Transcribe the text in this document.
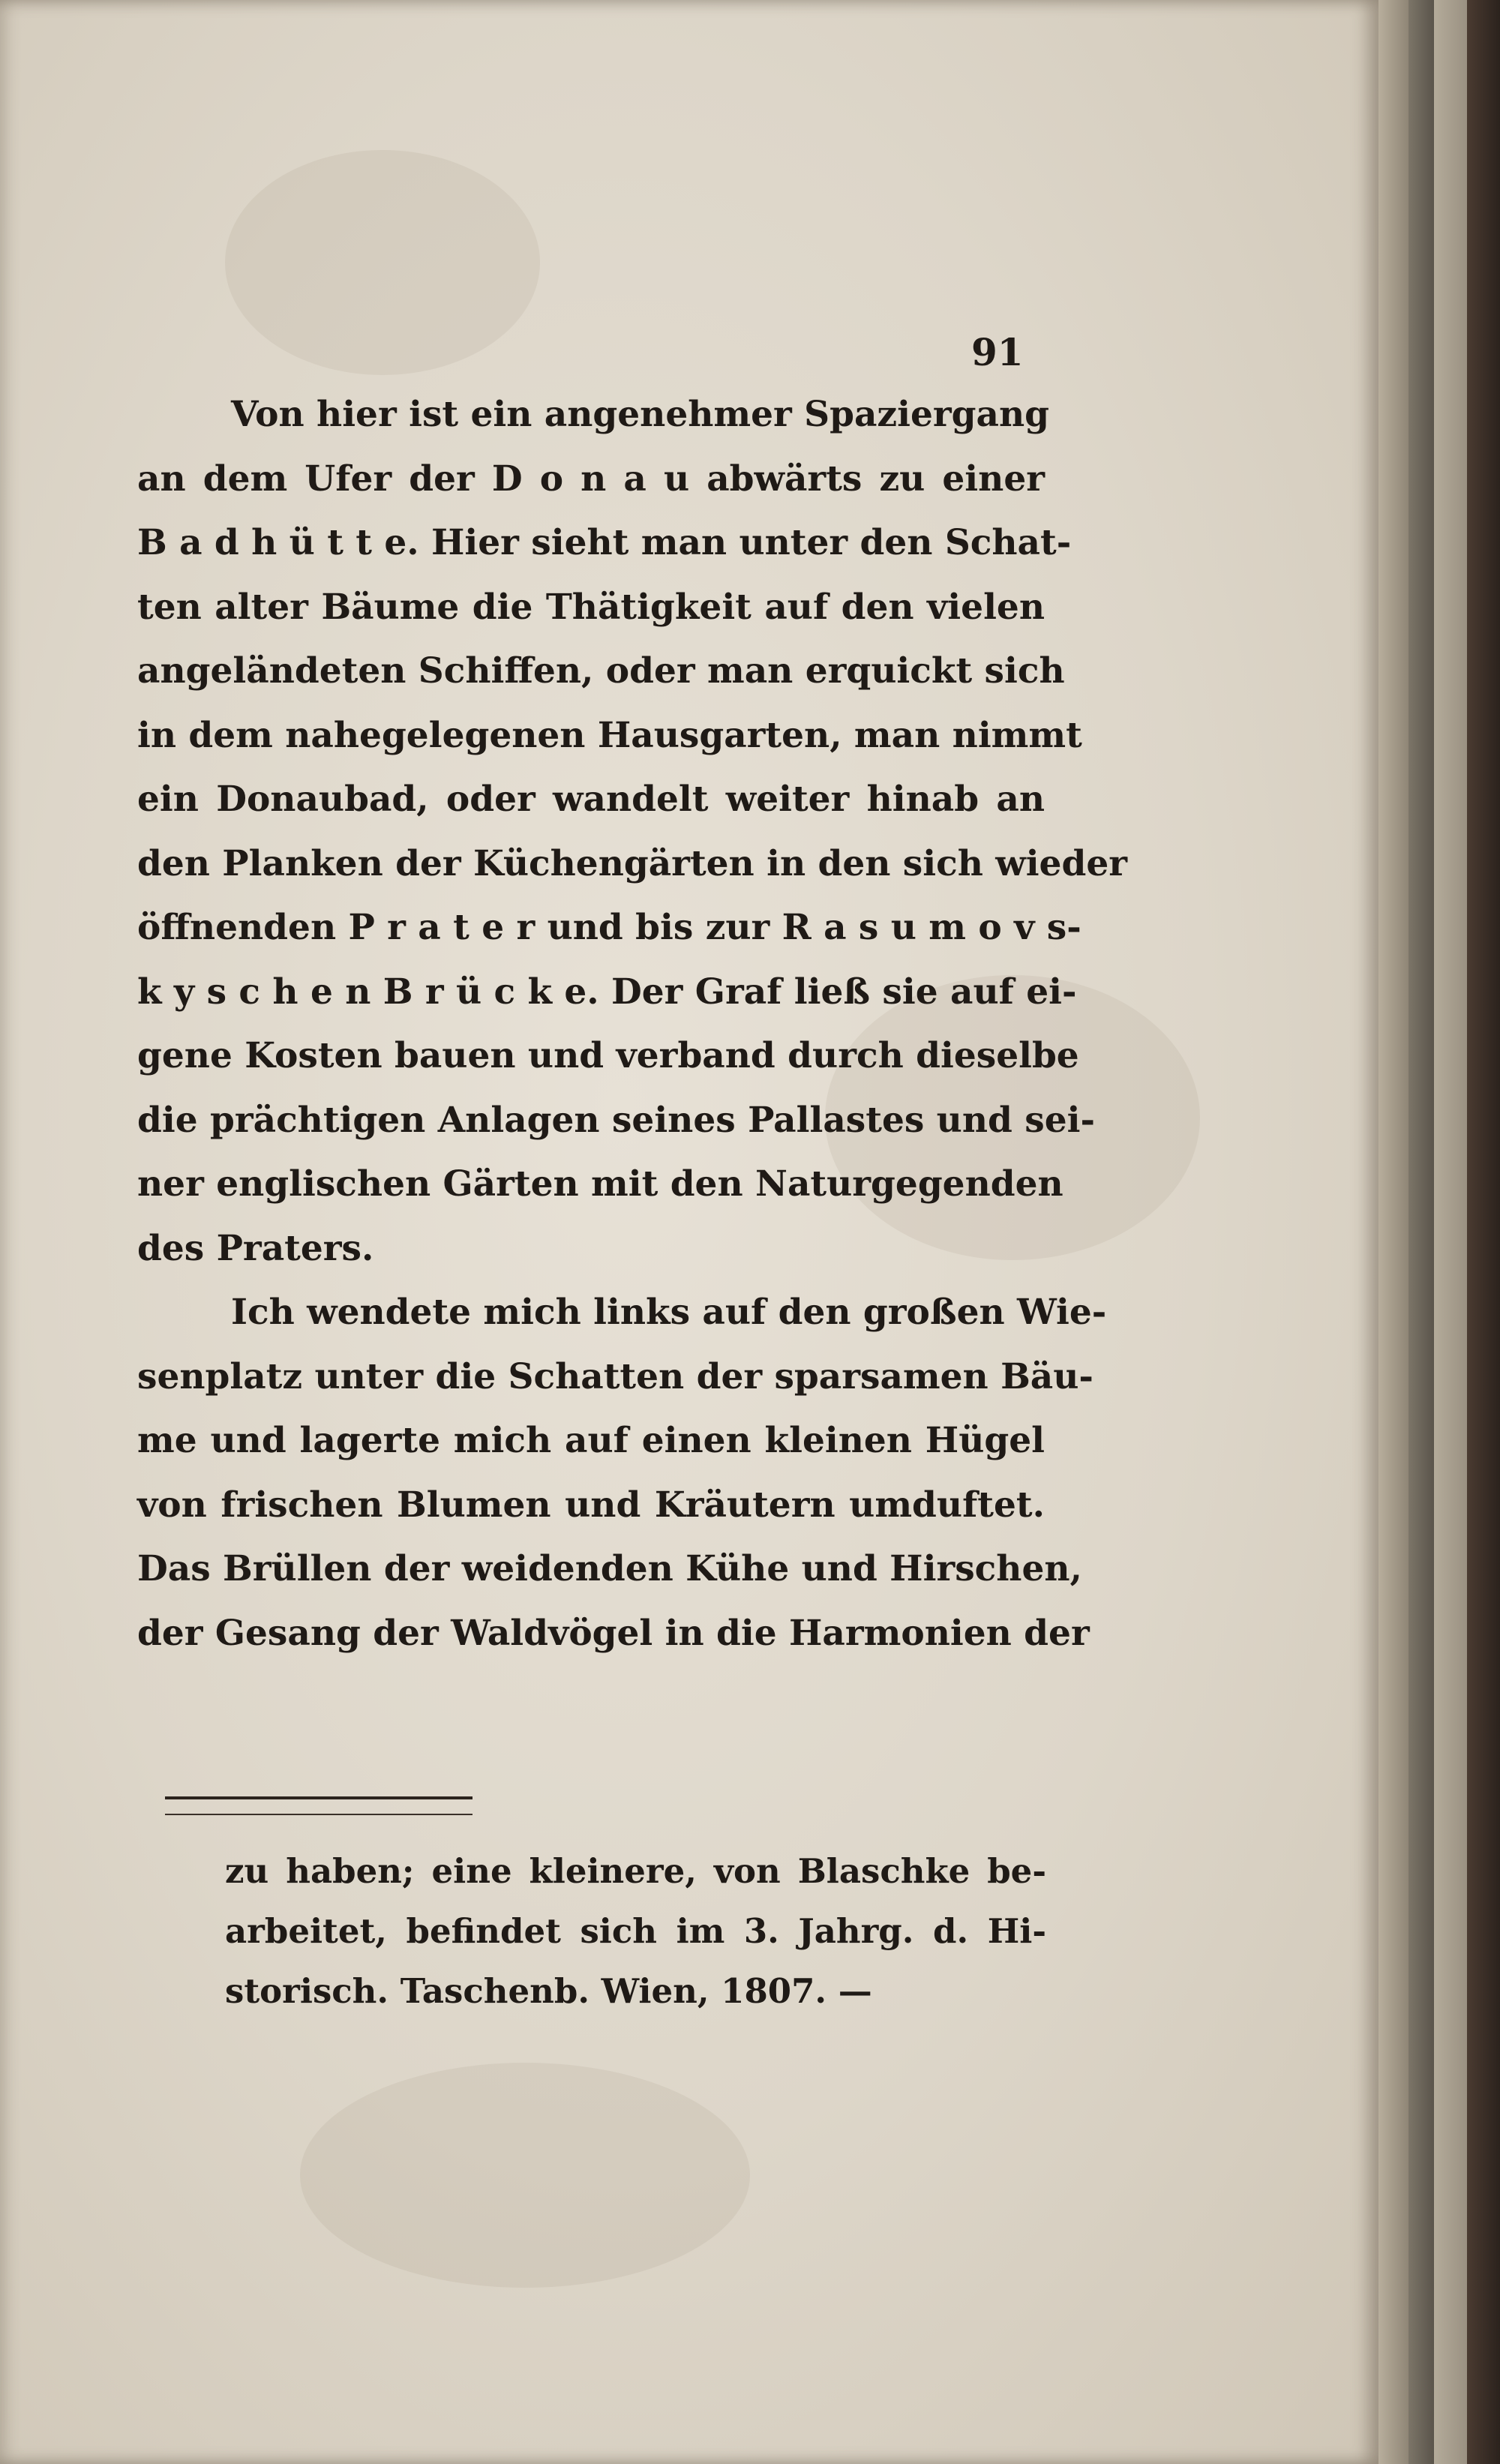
91
Von hier ist ein angenehmer Spaziergang
an dem Ufer der D o n a u abwärts zu einer
B a d h ü t t e. Hier sieht man unter den Schat-
ten alter Bäume die Thätigkeit auf den vielen
angeländeten Schiffen, oder man erquickt sich
in dem nahegelegenen Hausgarten, man nimmt
ein Donaubad, oder wandelt weiter hinab an
den Planken der Küchengärten in den sich wieder
öffnenden P r a t e r und bis zur R a s u m o v s-
k y s c h e n B r ü c k e. Der Graf ließ sie auf ei-
gene Kosten bauen und verband durch dieselbe
die prächtigen Anlagen seines Pallastes und sei-
ner englischen Gärten mit den Naturgegenden
des Praters.
Ich wendete mich links auf den großen Wie-
senplatz unter die Schatten der sparsamen Bäu-
me und lagerte mich auf einen kleinen Hügel
von frischen Blumen und Kräutern umduftet.
Das Brüllen der weidenden Kühe und Hirschen,
der Gesang der Waldvögel in die Harmonien der
zu haben; eine kleinere, von Blaschke be-
arbeitet, befindet sich im 3. Jahrg. d. Hi-
storisch. Taschenb. Wien, 1807. —
